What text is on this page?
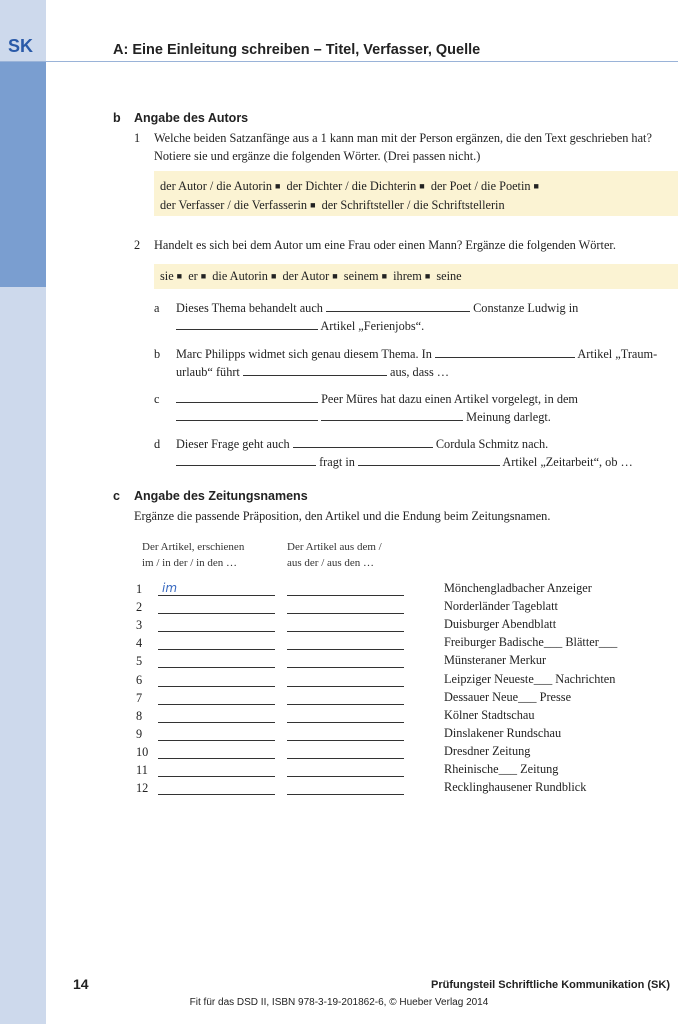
SK	A: Eine Einleitung schreiben – Titel, Verfasser, Quelle
b Angabe des Autors
1 Welche beiden Satzanfänge aus a 1 kann man mit der Person ergänzen, die den Text geschrieben hat?
Notiere sie und ergänze die folgenden Wörter. (Drei passen nicht.)
der Autor / die Autorin ■ der Dichter / die Dichterin ■ der Poet / die Poetin ■
der Verfasser / die Verfasserin ■ der Schriftsteller / die Schriftstellerin
2 Handelt es sich bei dem Autor um eine Frau oder einen Mann? Ergänze die folgenden Wörter.
sie ■ er ■ die Autorin ■ der Autor ■ seinem ■ ihrem ■ seine
a Dieses Thema behandelt auch	Constanze Ludwig in
Artikel „Ferienjobs“.
b Marc Philipps widmet sich genau diesem Thema. In	Artikel „Traum-
urlaub“ führt	aus, dass …
c	Peer Müres hat dazu einen Artikel vorgelegt, in dem
Meinung darlegt.
d Dieser Frage geht auch	Cordula Schmitz nach.
fragt in	Artikel „Zeitarbeit“, ob …
c Angabe des Zeitungsnamens
Ergänze die passende Präposition, den Artikel und die Endung beim Zeitungsnamen.
Der Artikel, erschienen
im / in der / in den …
Der Artikel aus dem /
aus der / aus den …
1	im	Mönchengladbacher Anzeiger
2	Norderländer Tageblatt
3	Duisburger Abendblatt
4	Freiburger Badische___ Blätter___
5	Münsteraner Merkur
6	Leipziger Neueste___ Nachrichten
7	Dessauer Neue___ Presse
8	Kölner Stadtschau
9	Dinslakener Rundschau
10	Dresdner Zeitung
11	Rheinische___ Zeitung
12	Recklinghausener Rundblick
14	Prüfungsteil Schriftliche Kommunikation (SK)
Fit für das DSD II, ISBN 978-3-19-201862-6, © Hueber Verlag 2014
